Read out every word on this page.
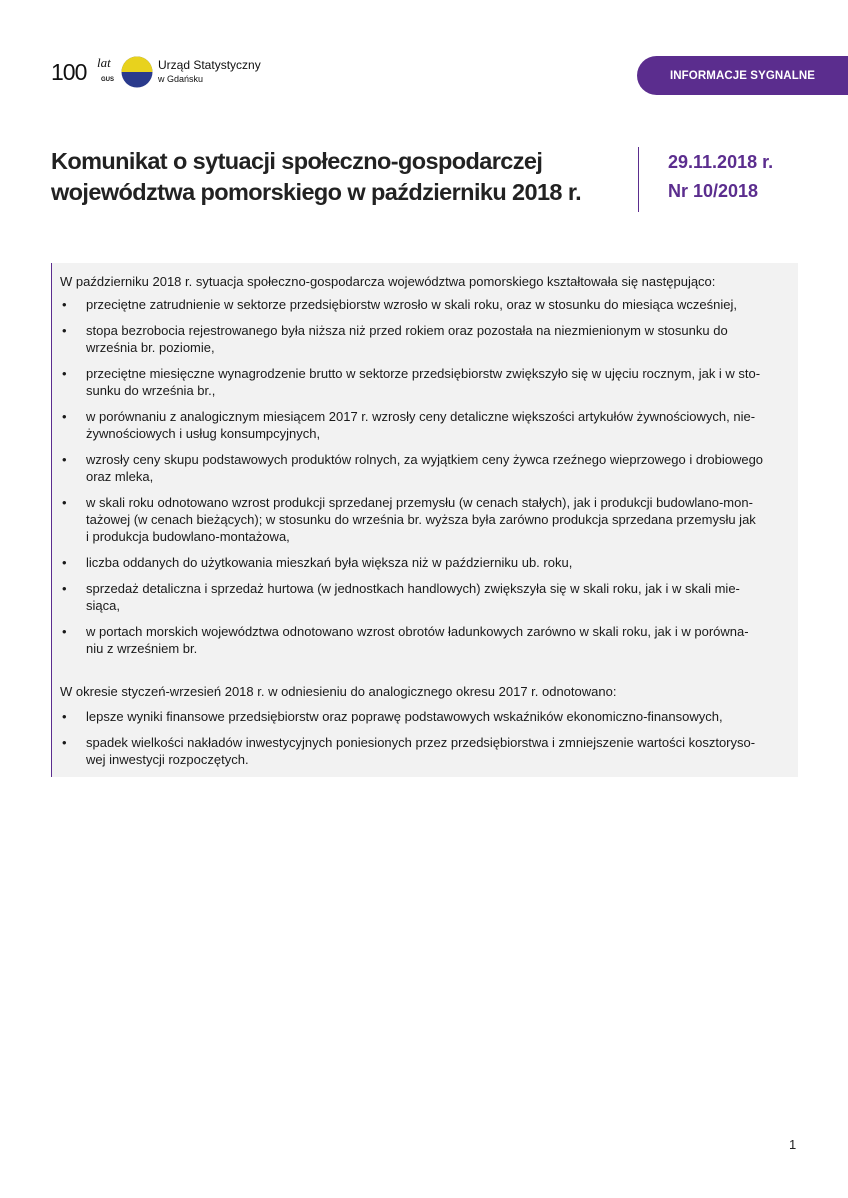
100 lat
GUS
Urząd Statystyczny
w Gdańsku	INFORMACJE SYGNALNE
Komunikat o sytuacji społeczno-gospodarczej
województwa pomorskiego w październiku 2018 r.
29.11.2018 r.
Nr 10/2018

W październiku 2018 r. sytuacja społeczno-gospodarcza województwa pomorskiego kształtowała się następująco:

• przeciętne zatrudnienie w sektorze przedsiębiorstw wzrosło w skali roku, oraz w stosunku do miesiąca wcześniej,
• stopa bezrobocia rejestrowanego była niższa niż przed rokiem oraz pozostała na niezmienionym w stosunku do
września br. poziomie,
• przeciętne miesięczne wynagrodzenie brutto w sektorze przedsiębiorstw zwiększyło się w ujęciu rocznym, jak i w sto-
sunku do września br.,
• w porównaniu z analogicznym miesiącem 2017 r. wzrosły ceny detaliczne większości artykułów żywnościowych, nie-
żywnościowych i usług konsumpcyjnych,
• wzrosły ceny skupu podstawowych produktów rolnych, za wyjątkiem ceny żywca rzeźnego wieprzowego i drobiowego
oraz mleka,
• w skali roku odnotowano wzrost produkcji sprzedanej przemysłu (w cenach stałych), jak i produkcji budowlano-mon-
tażowej (w cenach bieżących); w stosunku do września br. wyższa była zarówno produkcja sprzedana przemysłu jak
i produkcja budowlano-montażowa,
• liczba oddanych do użytkowania mieszkań była większa niż w październiku ub. roku,
• sprzedaż detaliczna i sprzedaż hurtowa (w jednostkach handlowych) zwiększyła się w skali roku, jak i w skali mie-
siąca,
• w portach morskich województwa odnotowano wzrost obrotów ładunkowych zarówno w skali roku, jak i w porówna-
niu z wrześniem br.

W okresie styczeń-wrzesień 2018 r. w odniesieniu do analogicznego okresu 2017 r. odnotowano:

• lepsze wyniki finansowe przedsiębiorstw oraz poprawę podstawowych wskaźników ekonomiczno-finansowych,
• spadek wielkości nakładów inwestycyjnych poniesionych przez przedsiębiorstwa i zmniejszenie wartości kosztorysо-
wej inwestycji rozpoczętych.
1
